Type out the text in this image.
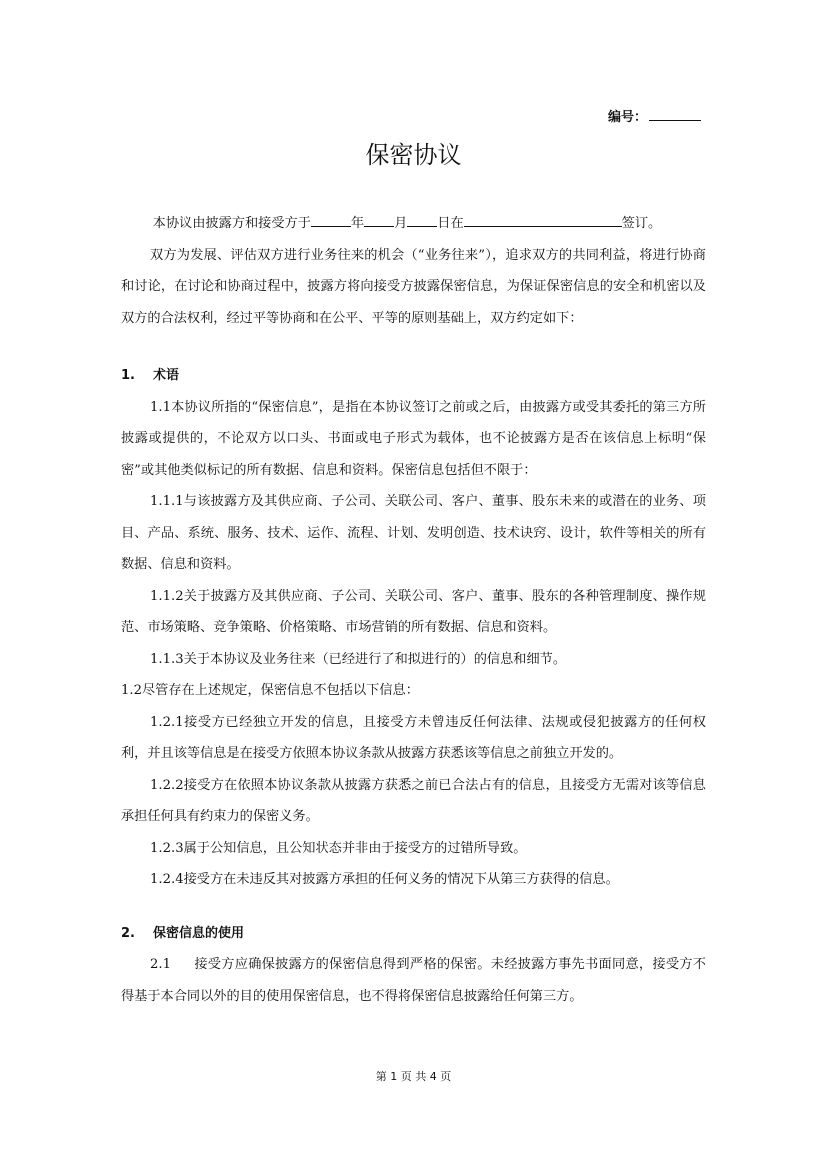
编号：
保密协议
本协议由披露方和接受方于	年 月 日在	签订。

双方为发展、评估双方进行业务往来的机会（“业务往来”），追求双方的共同利益，将进行协商和讨论，在讨论和协商过程中，披露方将向接受方披露保密信息，为保证保密信息的安全和机密以及双方的合法权利，经过平等协商和在公平、平等的原则基础上，双方约定如下：

1. 术语

1.1本协议所指的“保密信息”，是指在本协议签订之前或之后，由披露方或受其委托的第三方所披露或提供的，不论双方以口头、书面或电子形式为载体，也不论披露方是否在该信息上标明“保密”或其他类似标记的所有数据、信息和资料。保密信息包括但不限于：

1.1.1与该披露方及其供应商、子公司、关联公司、客户、董事、股东未来的或潜在的业务、项目、产品、系统、服务、技术、运作、流程、计划、发明创造、技术诀窍、设计，软件等相关的所有数据、信息和资料。

1.1.2关于披露方及其供应商、子公司、关联公司、客户、董事、股东的各种管理制度、操作规范、市场策略、竞争策略、价格策略、市场营销的所有数据、信息和资料。

1.1.3关于本协议及业务往来（已经进行了和拟进行的）的信息和细节。

1.2尽管存在上述规定，保密信息不包括以下信息：

1.2.1接受方已经独立开发的信息，且接受方未曾违反任何法律、法规或侵犯披露方的任何权利，并且该等信息是在接受方依照本协议条款从披露方获悉该等信息之前独立开发的。

1.2.2接受方在依照本协议条款从披露方获悉之前已合法占有的信息，且接受方无需对该等信息承担任何具有约束力的保密义务。

1.2.3属于公知信息，且公知状态并非由于接受方的过错所导致。

1.2.4接受方在未违反其对披露方承担的任何义务的情况下从第三方获得的信息。

2. 保密信息的使用

2.1 接受方应确保披露方的保密信息得到严格的保密。未经披露方事先书面同意，接受方不得基于本合同以外的目的使用保密信息，也不得将保密信息披露给任何第三方。

第 1 页 共 4 页
